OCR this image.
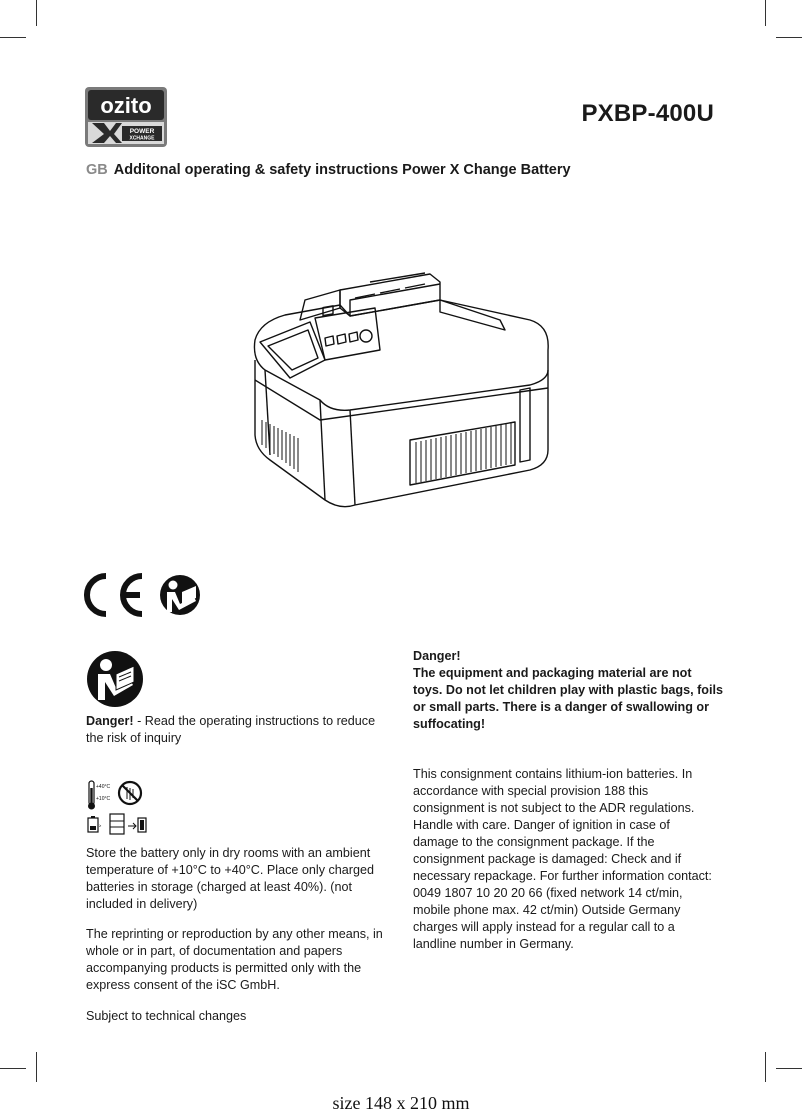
ozito
POWER
XCHANGE
PXBP-400U
GB Additonal operating & safety instructions Power X Change Battery

Danger! - Read the operating instructions to reduce the risk of inquiry

+40°C
+10°C
≥

Store the battery only in dry rooms with an ambient temperature of +10°C to +40°C. Place only charged batteries in storage (charged at least 40%). (not included in delivery)

The reprinting or reproduction by any other means, in whole or in part, of documentation and papers accompanying products is permitted only with the express consent of the iSC GmbH.

Subject to technical changes

Danger!

The equipment and packaging material are not toys. Do not let children play with plastic bags, foils or small parts. There is a danger of swallowing or suffocating!

This consignment contains lithium-ion batteries. In accordance with special provision 188 this consignment is not subject to the ADR regulations. Handle with care. Danger of ignition in case of damage to the consignment package. If the consignment package is damaged: Check and if necessary repackage. For further information contact: 0049 1807 10 20 20 66 (fixed network 14 ct/min, mobile phone max. 42 ct/min) Outside Germany charges will apply instead for a regular call to a landline number in Germany.

size 148 x 210 mm
